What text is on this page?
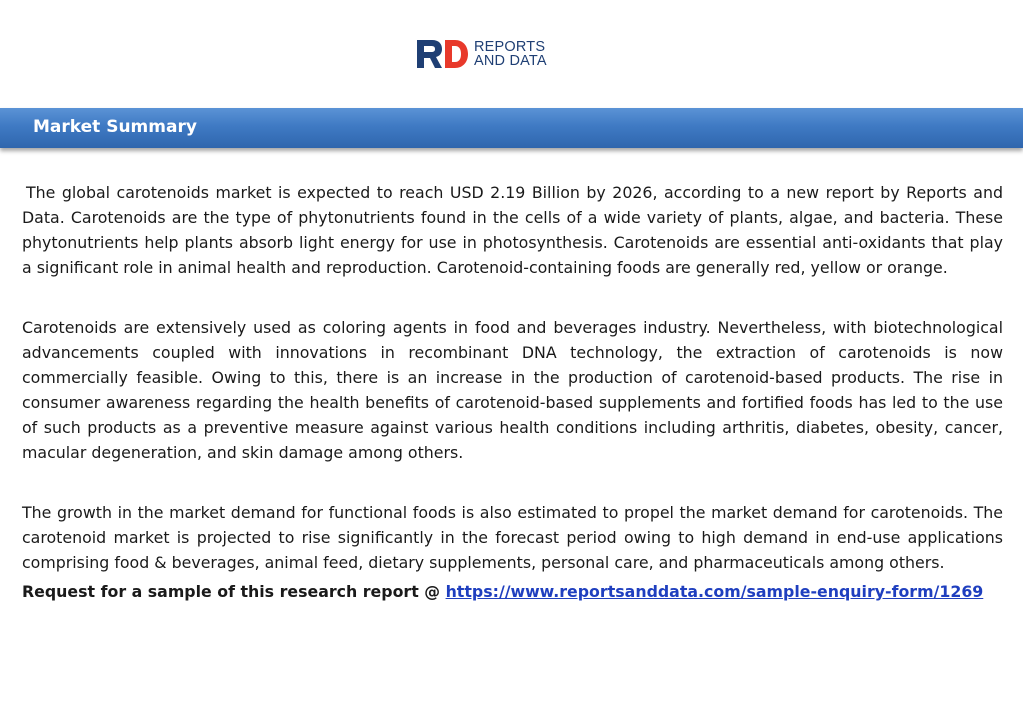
REPORTS
AND DATA
Market Summary

The global carotenoids market is expected to reach USD 2.19 Billion by 2026, according to a new report by Reports and Data. Carotenoids are the type of phytonutrients found in the cells of a wide variety of plants, algae, and bacteria. These phytonutrients help plants absorb light energy for use in photosynthesis. Carotenoids are essential anti-oxidants that play a significant role in animal health and reproduction. Carotenoid-containing foods are generally red, yellow or orange.

Carotenoids are extensively used as coloring agents in food and beverages industry. Nevertheless, with biotechnological advancements coupled with innovations in recombinant DNA technology, the extraction of carotenoids is now commercially feasible. Owing to this, there is an increase in the production of carotenoid-based products. The rise in consumer awareness regarding the health benefits of carotenoid-based supplements and fortified foods has led to the use of such products as a preventive measure against various health conditions including arthritis, diabetes, obesity, cancer, macular degeneration, and skin damage among others.

The growth in the market demand for functional foods is also estimated to propel the market demand for carotenoids. The carotenoid market is projected to rise significantly in the forecast period owing to high demand in end-use applications comprising food & beverages, animal feed, dietary supplements, personal care, and pharmaceuticals among others.

Request for a sample of this research report @ https://www.reportsanddata.com/sample-enquiry-form/1269
